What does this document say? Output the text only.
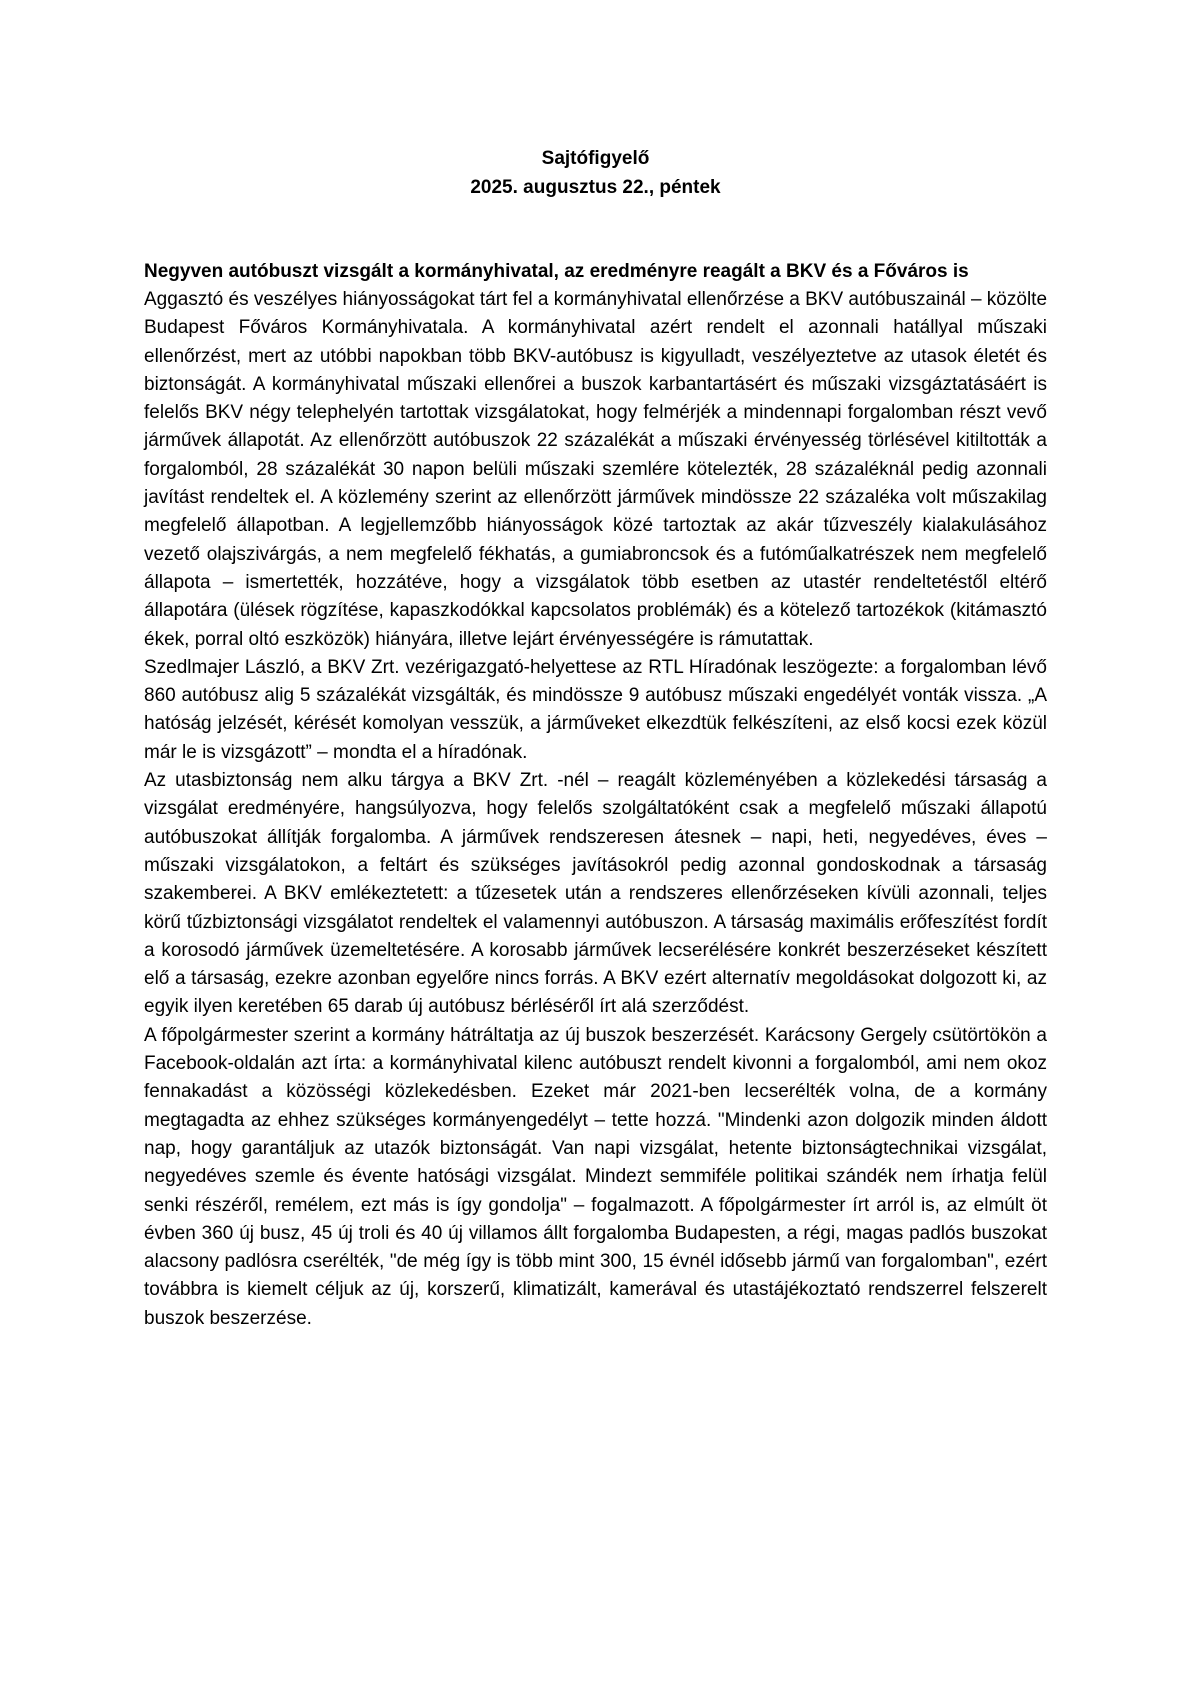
Sajtófigyelő
2025. augusztus 22., péntek

Negyven autóbuszt vizsgált a kormányhivatal, az eredményre reagált a BKV és a Főváros is

Aggasztó és veszélyes hiányosságokat tárt fel a kormányhivatal ellenőrzése a BKV autóbuszainál – közölte Budapest Főváros Kormányhivatala. A kormányhivatal azért rendelt el azonnali hatállyal műszaki ellenőrzést, mert az utóbbi napokban több BKV-autóbusz is kigyulladt, veszélyeztetve az utasok életét és biztonságát. A kormányhivatal műszaki ellenőrei a buszok karbantartásért és műszaki vizsgáztatásáért is felelős BKV négy telephelyén tartottak vizsgálatokat, hogy felmérjék a mindennapi forgalomban részt vevő járművek állapotát. Az ellenőrzött autóbuszok 22 százalékát a műszaki érvényesség törlésével kitiltották a forgalomból, 28 százalékát 30 napon belüli műszaki szemlére kötelezték, 28 százaléknál pedig azonnali javítást rendeltek el. A közlemény szerint az ellenőrzött járművek mindössze 22 százaléka volt műszakilag megfelelő állapotban. A legjellemzőbb hiányosságok közé tartoztak az akár tűzveszély kialakulásához vezető olajszivárgás, a nem megfelelő fékhatás, a gumiabroncsok és a futóműalkatrészek nem megfelelő állapota – ismertették, hozzátéve, hogy a vizsgálatok több esetben az utastér rendeltetéstől eltérő állapotára (ülések rögzítése, kapaszkodókkal kapcsolatos problémák) és a kötelező tartozékok (kitámasztó ékek, porral oltó eszközök) hiányára, illetve lejárt érvényességére is rámutattak.

Szedlmajer László, a BKV Zrt. vezérigazgató-helyettese az RTL Híradónak leszögezte: a forgalomban lévő 860 autóbusz alig 5 százalékát vizsgálták, és mindössze 9 autóbusz műszaki engedélyét vonták vissza. „A hatóság jelzését, kérését komolyan vesszük, a járműveket elkezdtük felkészíteni, az első kocsi ezek közül már le is vizsgázott” – mondta el a híradónak.

Az utasbiztonság nem alku tárgya a BKV Zrt. -nél – reagált közleményében a közlekedési társaság a vizsgálat eredményére, hangsúlyozva, hogy felelős szolgáltatóként csak a megfelelő műszaki állapotú autóbuszokat állítják forgalomba. A járművek rendszeresen átesnek – napi, heti, negyedéves, éves – műszaki vizsgálatokon, a feltárt és szükséges javításokról pedig azonnal gondoskodnak a társaság szakemberei. A BKV emlékeztetett: a tűzesetek után a rendszeres ellenőrzéseken kívüli azonnali, teljes körű tűzbiztonsági vizsgálatot rendeltek el valamennyi autóbuszon. A társaság maximális erőfeszítést fordít a korosodó járművek üzemeltetésére. A korosabb járművek lecserélésére konkrét beszerzéseket készített elő a társaság, ezekre azonban egyelőre nincs forrás. A BKV ezért alternatív megoldásokat dolgozott ki, az egyik ilyen keretében 65 darab új autóbusz bérléséről írt alá szerződést.

A főpolgármester szerint a kormány hátráltatja az új buszok beszerzését. Karácsony Gergely csütörtökön a Facebook-oldalán azt írta: a kormányhivatal kilenc autóbuszt rendelt kivonni a forgalomból, ami nem okoz fennakadást a közösségi közlekedésben. Ezeket már 2021-ben lecserélték volna, de a kormány megtagadta az ehhez szükséges kormányengedélyt – tette hozzá. "Mindenki azon dolgozik minden áldott nap, hogy garantáljuk az utazók biztonságát. Van napi vizsgálat, hetente biztonságtechnikai vizsgálat, negyedéves szemle és évente hatósági vizsgálat. Mindezt semmiféle politikai szándék nem írhatja felül senki részéről, remélem, ezt más is így gondolja" – fogalmazott. A főpolgármester írt arról is, az elmúlt öt évben 360 új busz, 45 új troli és 40 új villamos állt forgalomba Budapesten, a régi, magas padlós buszokat alacsony padlósra cserélték, "de még így is több mint 300, 15 évnél idősebb jármű van forgalomban", ezért továbbra is kiemelt céljuk az új, korszerű, klimatizált, kamerával és utastájékoztató rendszerrel felszerelt buszok beszerzése.
